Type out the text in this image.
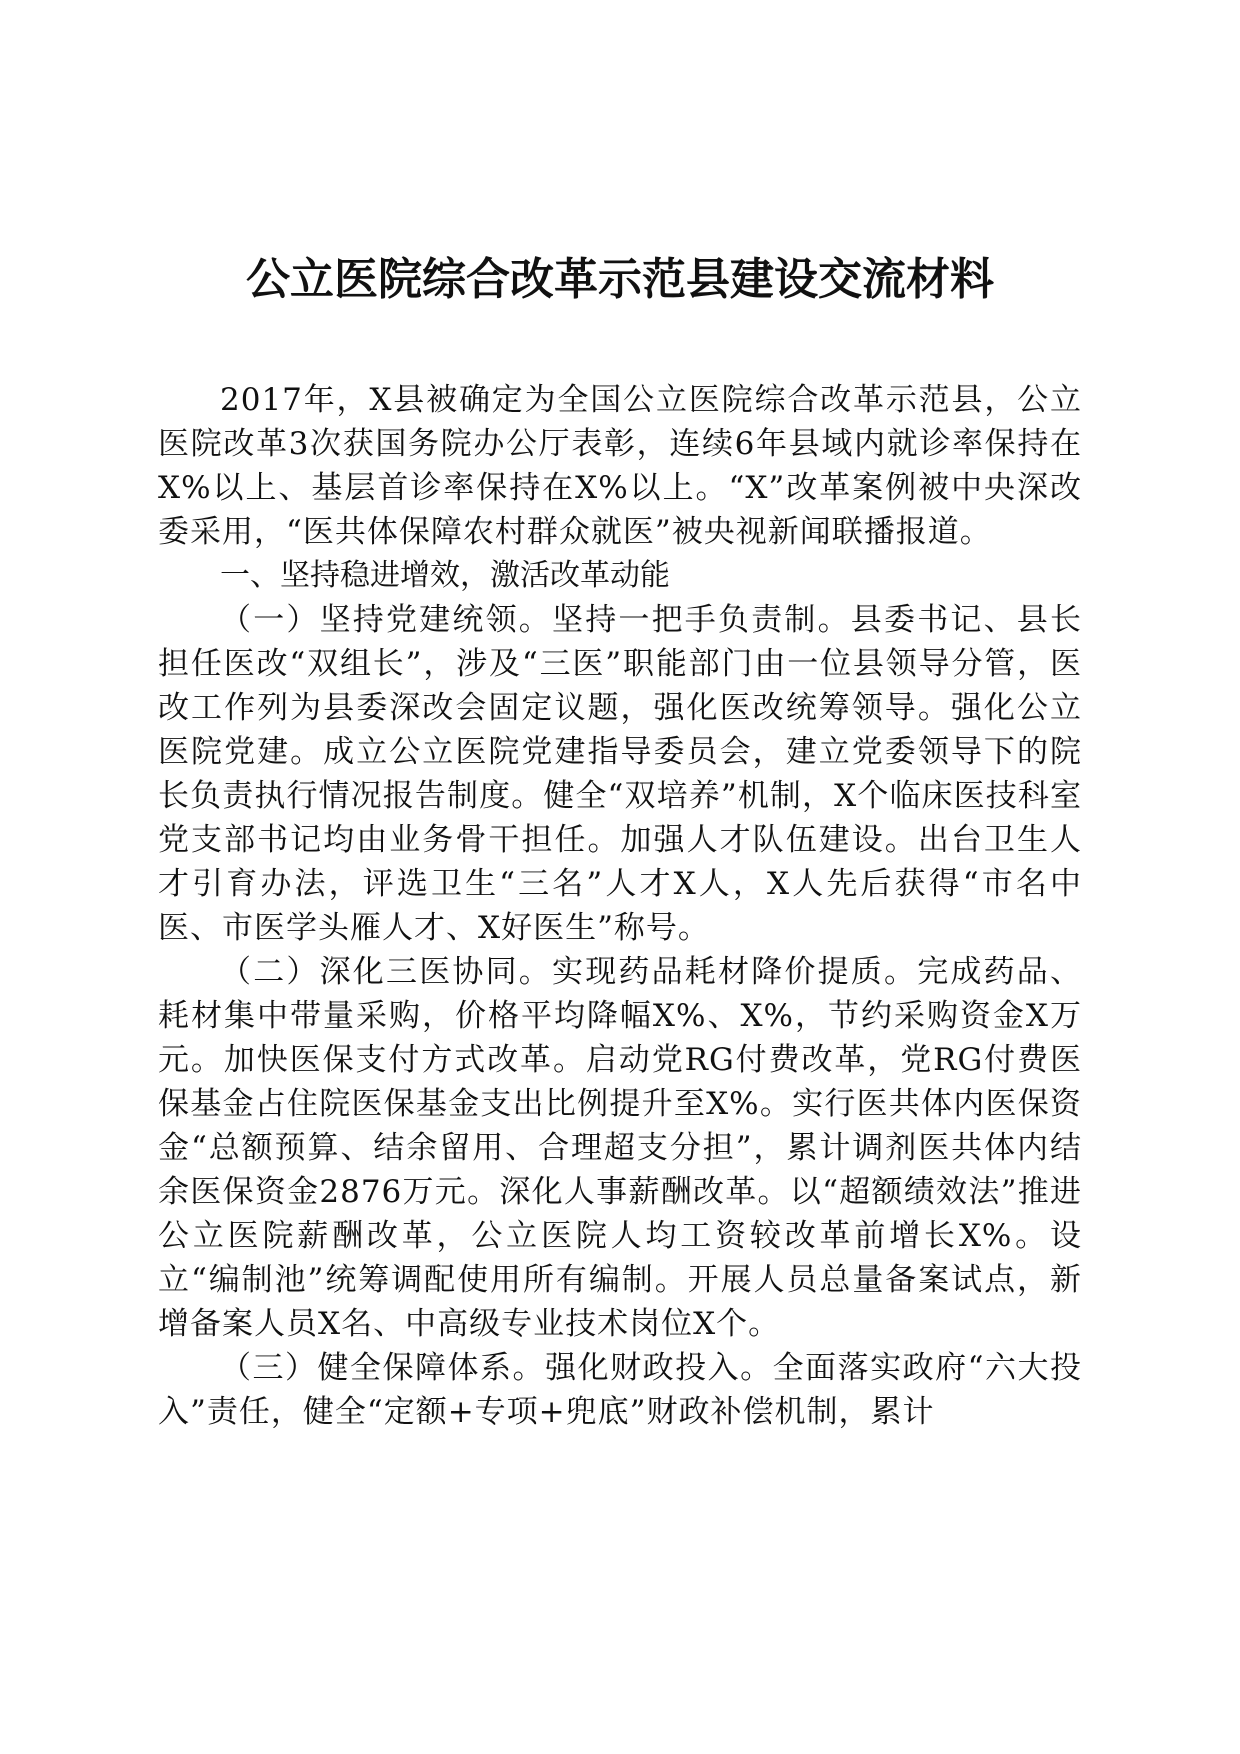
公立医院综合改革示范县建设交流材料

2017年，X县被确定为全国公立医院综合改革示范县，公立医院改革3次获国务院办公厅表彰，连续6年县域内就诊率保持在X%以上、基层首诊率保持在X%以上。“X”改革案例被中央深改委采用，“医共体保障农村群众就医”被央视新闻联播报道。

一、坚持稳进增效，激活改革动能

（一）坚持党建统领。坚持一把手负责制。县委书记、县长担任医改“双组长”，涉及“三医”职能部门由一位县领导分管，医改工作列为县委深改会固定议题，强化医改统筹领导。强化公立医院党建。成立公立医院党建指导委员会，建立党委领导下的院长负责执行情况报告制度。健全“双培养”机制，X个临床医技科室党支部书记均由业务骨干担任。加强人才队伍建设。出台卫生人才引育办法，评选卫生“三名”人才X人，X人先后获得“市名中医、市医学头雁人才、X好医生”称号。

（二）深化三医协同。实现药品耗材降价提质。完成药品、耗材集中带量采购，价格平均降幅X%、X%，节约采购资金X万元。加快医保支付方式改革。启动党RG付费改革，党RG付费医保基金占住院医保基金支出比例提升至X%。实行医共体内医保资金“总额预算、结余留用、合理超支分担”，累计调剂医共体内结余医保资金2876万元。深化人事薪酬改革。以“超额绩效法”推进公立医院薪酬改革，公立医院人均工资较改革前增长X%。设立“编制池”统筹调配使用所有编制。开展人员总量备案试点，新增备案人员X名、中高级专业技术岗位X个。

（三）健全保障体系。强化财政投入。全面落实政府“六大投入”责任，健全“定额+专项+兜底”财政补偿机制，累计
